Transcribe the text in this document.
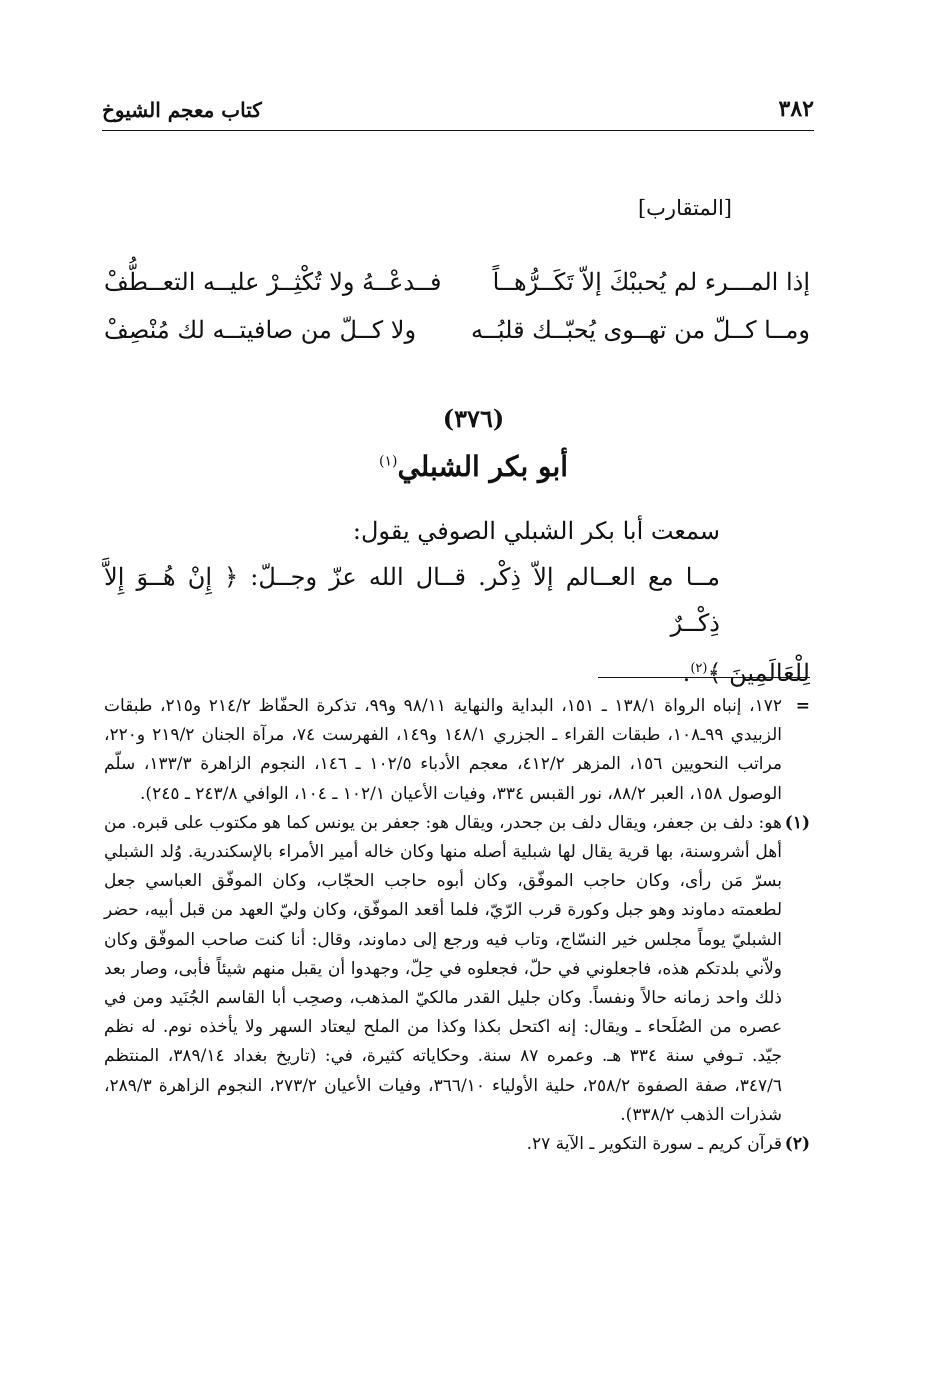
٣٨٢
كتاب معجم الشيوخ
[المتقارب]
إذا المـــرء لم يُحببْكَ إلاّ تَكَــرُّهــاً
فــدعْــهُ ولا تُكْثِــرْ عليــه التعــطُّفْ
ومــا كــلّ من تهــوى يُحبّــك قلبُــه
ولا كــلّ من صافيتــه لك مُنْصِفْ
(٣٧٦)
أبو بكر الشبلي$^{(١)}$

سمعت أبا بكر الشبلي الصوفي يقول:

مــا مع العــالم إلاّ ذِكْر. قــال الله عزّ وجــلّ: ﴿ إِنْ هُــوَ إِلاَّ ذِكْــرٌ

لِلْعَالَمِينَ ﴾$^{(٢)}$.

=
١٧٢، إنباه الرواة ١٣٨/١ ـ ١٥١، البداية والنهاية ٩٨/١١ و٩٩، تذكرة الحفّاظ ٢١٤/٢ و٢١٥، طبقات الزبيدي ٩٩ـ١٠٨، طبقات القراء ـ الجزري ١٤٨/١ و١٤٩، الفهرست ٧٤، مرآة الجنان ٢١٩/٢ و٢٢٠، مراتب النحويين ١٥٦، المزهر ٤١٢/٢، معجم الأدباء ١٠٢/٥ ـ ١٤٦، النجوم الزاهرة ١٣٣/٣، سلّم الوصول ١٥٨، العبر ٨٨/٢، نور القبس ٣٣٤، وفيات الأعيان ١٠٢/١ ـ ١٠٤، الوافي ٢٤٣/٨ ـ ٢٤٥).

(١)
هو: دلف بن جعفر، ويقال دلف بن جحدر، ويقال هو: جعفر بن يونس كما هو مكتوب على قبره. من أهل أشروسنة، بها قرية يقال لها شبلية أصله منها وكان خاله أمير الأمراء بالإسكندرية. وُلد الشبلي بسرّ مَن رأى، وكان حاجب الموفّق، وكان أبوه حاجب الحجّاب، وكان الموفّق العباسي جعل لطعمته دماوند وهو جبل وكورة قرب الرّيّ، فلما أقعد الموفّق، وكان وليّ العهد من قبل أبيه، حضر الشبليّ يوماً مجلس خير النسّاج، وتاب فيه ورجع إلى دماوند، وقال: أنا كنت صاحب الموفّق وكان ولاّني بلدتكم هذه، فاجعلوني في حلّ، فجعلوه في حِلّ، وجهدوا أن يقبل منهم شيئاً فأبى، وصار بعد ذلك واحد زمانه حالاً ونفساً. وكان جليل القدر مالكيّ المذهب، وصحِب أبا القاسم الجُنَيد ومن في عصره من الصُلَحاء ـ ويقال: إنه اكتحل بكذا وكذا من الملح ليعتاد السهر ولا يأخذه نوم. له نظم جيّد. تـوفي سنة ٣٣٤ هـ. وعمره ٨٧ سنة. وحكاياته كثيرة، في: (تاريخ بغداد ٣٨٩/١٤، المنتظم ٣٤٧/٦، صفة الصفوة ٢٥٨/٢، حلية الأولياء ٣٦٦/١٠، وفيات الأعيان ٢٧٣/٢، النجوم الزاهرة ٢٨٩/٣، شذرات الذهب ٣٣٨/٢).

(٢)
قرآن كريم ـ سورة التكوير ـ الآية ٢٧.
